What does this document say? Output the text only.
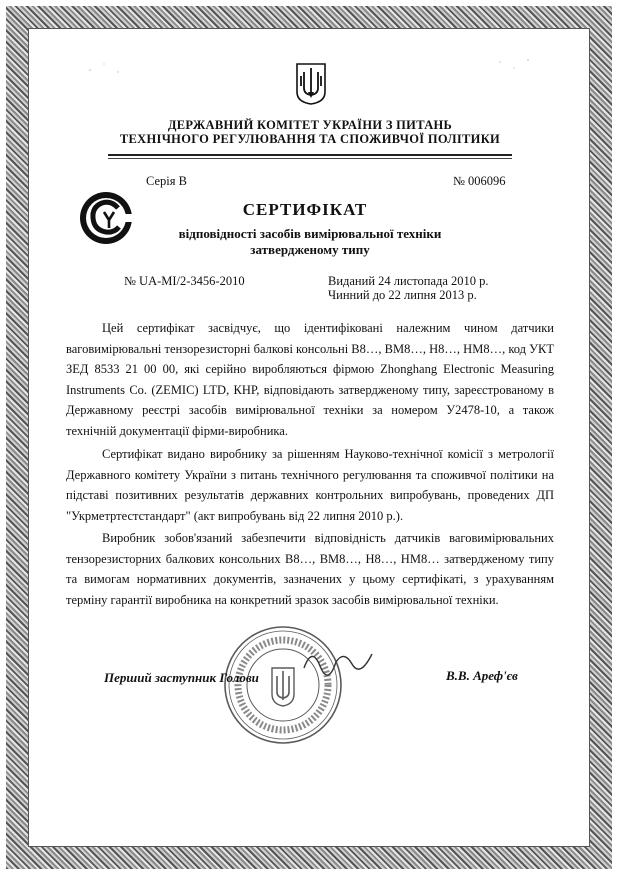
ДЕРЖАВНИЙ КОМІТЕТ УКРАЇНИ З ПИТАНЬ
ТЕХНІЧНОГО РЕГУЛЮВАННЯ ТА СПОЖИВЧОЇ ПОЛІТИКИ
Серія В	№ 006096
СЕРТИФІКАТ
відповідності засобів вимірювальної техніки
затвердженому типу
№ UA-MI/2-3456-2010	Виданий 24 листопада 2010 р.
Чинний до 22 липня 2013 р.

Цей сертифікат засвідчує, що ідентифіковані належним чином датчики ваговимірювальні тензорезисторні балкові консольні В8…, ВМ8…, Н8…, НМ8…, код УКТ ЗЕД 8533 21 00 00, які серійно виробляються фірмою Zhonghang Electronic Measuring Instruments Co. (ZEMIC) LTD, КНР, відповідають затвердженому типу, зареєстрованому в Державному реєстрі засобів вимірювальної техніки за номером У2478-10, а також технічній документації фірми-виробника.

Сертифікат видано виробнику за рішенням Науково-технічної комісії з метрології Державного комітету України з питань технічного регулювання та споживчої політики на підставі позитивних результатів державних контрольних випробувань, проведених ДП "Укрметртестстандарт" (акт випробувань від 22 липня 2010 р.).

Виробник зобов'язаний забезпечити відповідність датчиків ваговимірювальних тензорезисторних балкових консольних В8…, ВМ8…, Н8…, НМ8… затвердженому типу та вимогам нормативних документів, зазначених у цьому сертифікаті, з урахуванням терміну гарантії виробника на конкретний зразок засобів вимірювальної техніки.

Перший заступник Голови	В.В. Ареф'єв
